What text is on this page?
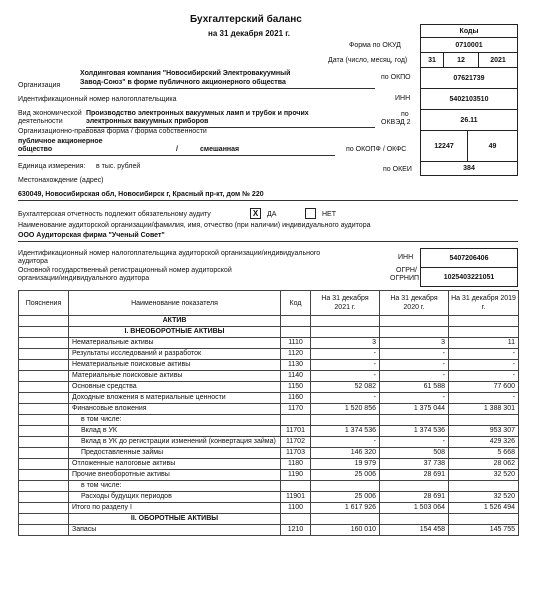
Бухгалтерский баланс
на 31 декабря 2021 г.	Коды
Форма по ОКУД	0710001
Дата (число, месяц, год)	31	12	2021
по ОКПО	07621739
ИНН	5402103510
по
ОКВЭД 2	26.11
по ОКОПФ / ОКФС	12247	49
по ОКЕИ	384
Организация
Холдинговая компания "Новосибирский Электровакуумный
Завод-Союз" в форме публичного акционерного общества
Идентификационный номер налогоплательщика
Вид экономической
деятельности
Производство электронных вакуумных ламп и трубок и прочих
электронных вакуумных приборов
Организационно-правовая форма / форма собственности
публичное акционерное
общество	/	смешанная
Единица измерения: в тыс. рублей
Местонахождение (адрес)
630049, Новосибирская обл, Новосибирск г, Красный пр-кт, дом № 220
Бухгалтерская отчетность подлежит обязательному аудиту	X	ДА	НЕТ
Наименование аудиторской организации/фамилия, имя, отчество (при наличии) индивидуального аудитора
ООО Аудиторская фирма "Ученый Совет"
Идентификационный номер налогоплательщика аудиторской организации/индивидуального
аудитора
ИНН	5407206406
Основной государственный регистрационный номер аудиторской
организации/индивидуального аудитора
ОГРН/
ОГРНИП	1025403221051
Пояснения	Наименование показателя	Код	На 31 декабря 2021 г.	На 31 декабря 2020 г.	На 31 декабря 2019 г.
	АКТИВ				
	I. ВНЕОБОРОТНЫЕ АКТИВЫ				
	Нематериальные активы	1110	3	3	11
	Результаты исследований и разработок	1120	-	-	-
	Нематериальные поисковые активы	1130	-	-	-
	Материальные поисковые активы	1140	-	-	-
	Основные средства	1150	52 082	61 588	77 600
	Доходные вложения в материальные ценности	1160	-	-	-
	Финансовые вложения	1170	1 520 856	1 375 044	1 388 301
	в том числе:				
	Вклад в УК	11701	1 374 536	1 374 536	953 307
	Вклад в УК до регистрации изменений (конвертация займа)	11702	-	-	429 326
	Предоставленные займы	11703	146 320	508	5 668
	Отложенные налоговые активы	1180	19 979	37 738	28 062
	Прочие внеоборотные активы	1190	25 006	28 691	32 520
	в том числе:				
	Расходы будущих периодов	11901	25 006	28 691	32 520
	Итого по разделу I	1100	1 617 926	1 503 064	1 526 494
	II. ОБОРОТНЫЕ АКТИВЫ				
	Запасы	1210	160 010	154 458	145 755
